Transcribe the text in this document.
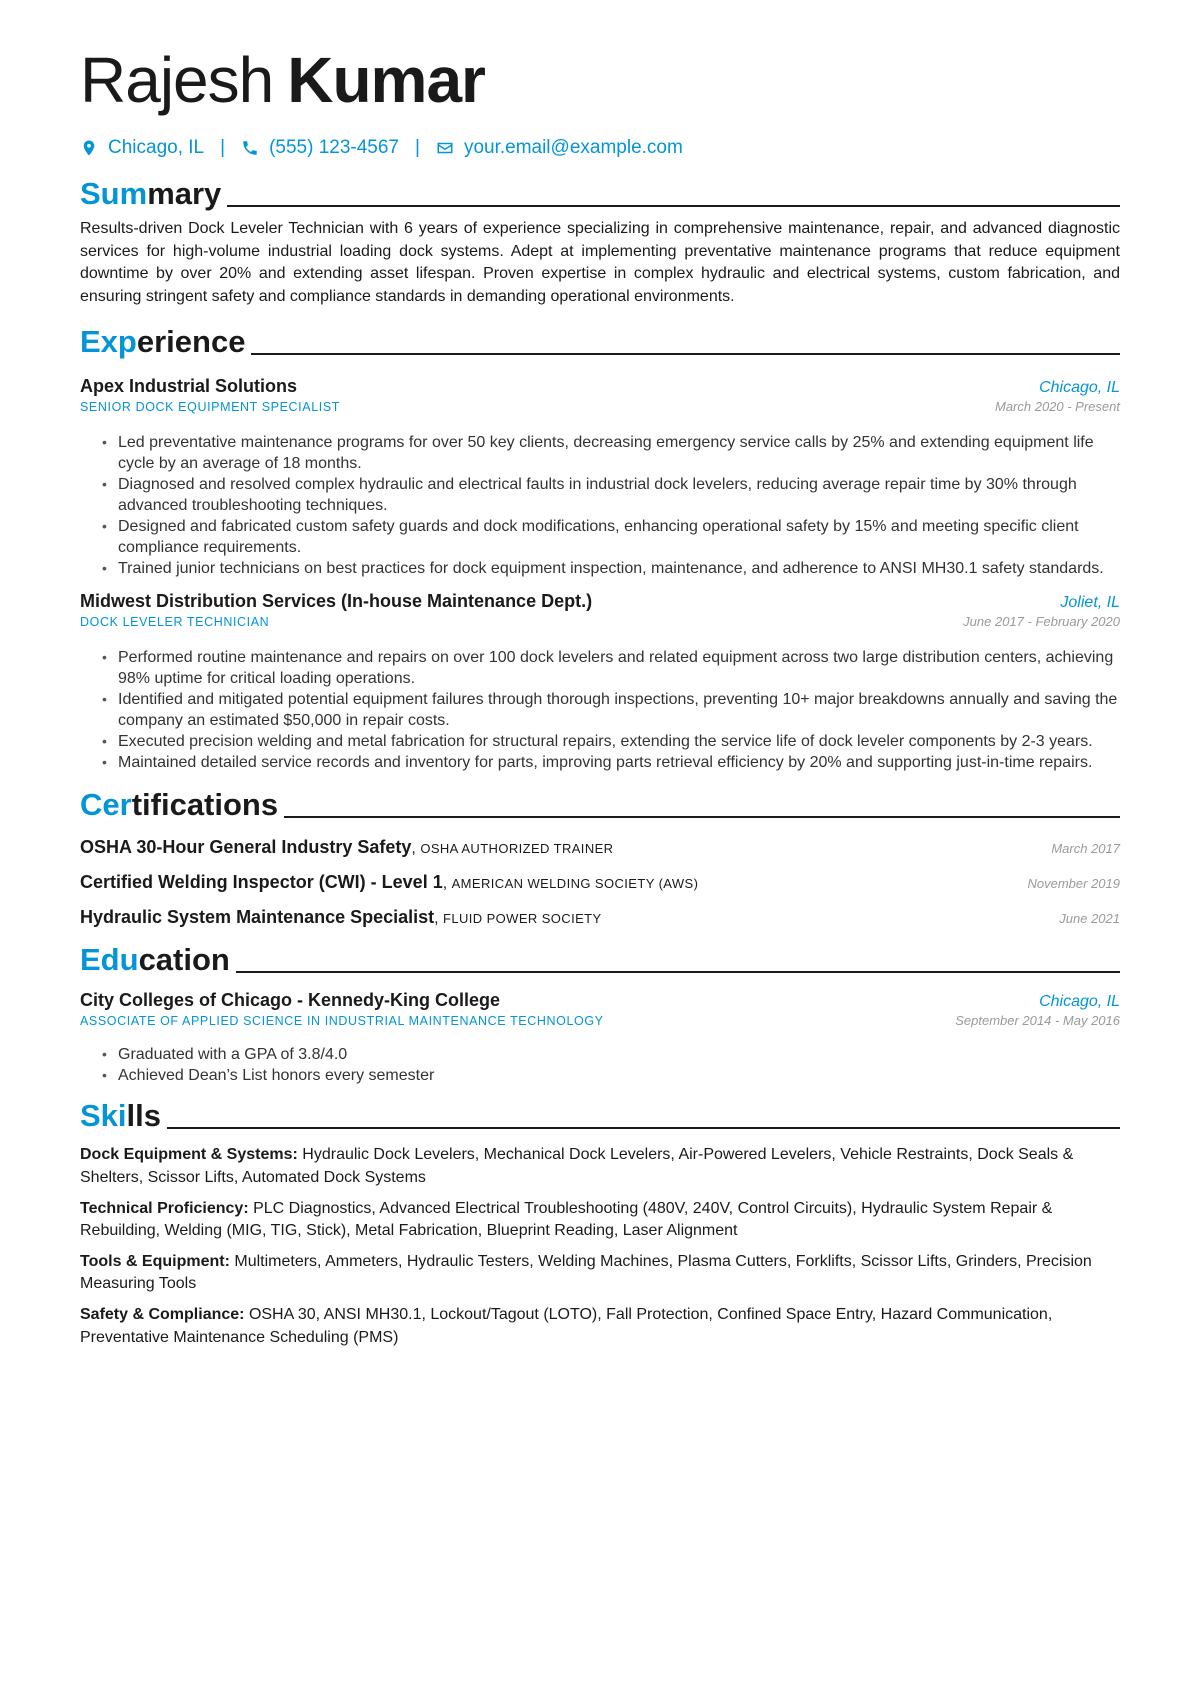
Rajesh Kumar
Chicago, IL | (555) 123-4567 | your.email@example.com
Summary
Results-driven Dock Leveler Technician with 6 years of experience specializing in comprehensive maintenance, repair, and advanced diagnostic services for high-volume industrial loading dock systems. Adept at implementing preventative maintenance programs that reduce equipment downtime by over 20% and extending asset lifespan. Proven expertise in complex hydraulic and electrical systems, custom fabrication, and ensuring stringent safety and compliance standards in demanding operational environments.
Experience
Apex Industrial Solutions	Chicago, IL
SENIOR DOCK EQUIPMENT SPECIALIST	March 2020 - Present
• Led preventative maintenance programs for over 50 key clients, decreasing emergency service calls by 25% and extending equipment life cycle by an average of 18 months.
• Diagnosed and resolved complex hydraulic and electrical faults in industrial dock levelers, reducing average repair time by 30% through advanced troubleshooting techniques.
• Designed and fabricated custom safety guards and dock modifications, enhancing operational safety by 15% and meeting specific client compliance requirements.
• Trained junior technicians on best practices for dock equipment inspection, maintenance, and adherence to ANSI MH30.1 safety standards.
Midwest Distribution Services (In-house Maintenance Dept.)	Joliet, IL
DOCK LEVELER TECHNICIAN	June 2017 - February 2020
• Performed routine maintenance and repairs on over 100 dock levelers and related equipment across two large distribution centers, achieving 98% uptime for critical loading operations.
• Identified and mitigated potential equipment failures through thorough inspections, preventing 10+ major breakdowns annually and saving the company an estimated $50,000 in repair costs.
• Executed precision welding and metal fabrication for structural repairs, extending the service life of dock leveler components by 2-3 years.
• Maintained detailed service records and inventory for parts, improving parts retrieval efficiency by 20% and supporting just-in-time repairs.
Certifications
OSHA 30-Hour General Industry Safety, OSHA AUTHORIZED TRAINER	March 2017
Certified Welding Inspector (CWI) - Level 1, AMERICAN WELDING SOCIETY (AWS)	November 2019
Hydraulic System Maintenance Specialist, FLUID POWER SOCIETY	June 2021
Education
City Colleges of Chicago - Kennedy-King College	Chicago, IL
ASSOCIATE OF APPLIED SCIENCE IN INDUSTRIAL MAINTENANCE TECHNOLOGY	September 2014 - May 2016
• Graduated with a GPA of 3.8/4.0
• Achieved Dean’s List honors every semester
Skills
Dock Equipment & Systems: Hydraulic Dock Levelers, Mechanical Dock Levelers, Air-Powered Levelers, Vehicle Restraints, Dock Seals & Shelters, Scissor Lifts, Automated Dock Systems
Technical Proficiency: PLC Diagnostics, Advanced Electrical Troubleshooting (480V, 240V, Control Circuits), Hydraulic System Repair & Rebuilding, Welding (MIG, TIG, Stick), Metal Fabrication, Blueprint Reading, Laser Alignment
Tools & Equipment: Multimeters, Ammeters, Hydraulic Testers, Welding Machines, Plasma Cutters, Forklifts, Scissor Lifts, Grinders, Precision Measuring Tools
Safety & Compliance: OSHA 30, ANSI MH30.1, Lockout/Tagout (LOTO), Fall Protection, Confined Space Entry, Hazard Communication, Preventative Maintenance Scheduling (PMS)
